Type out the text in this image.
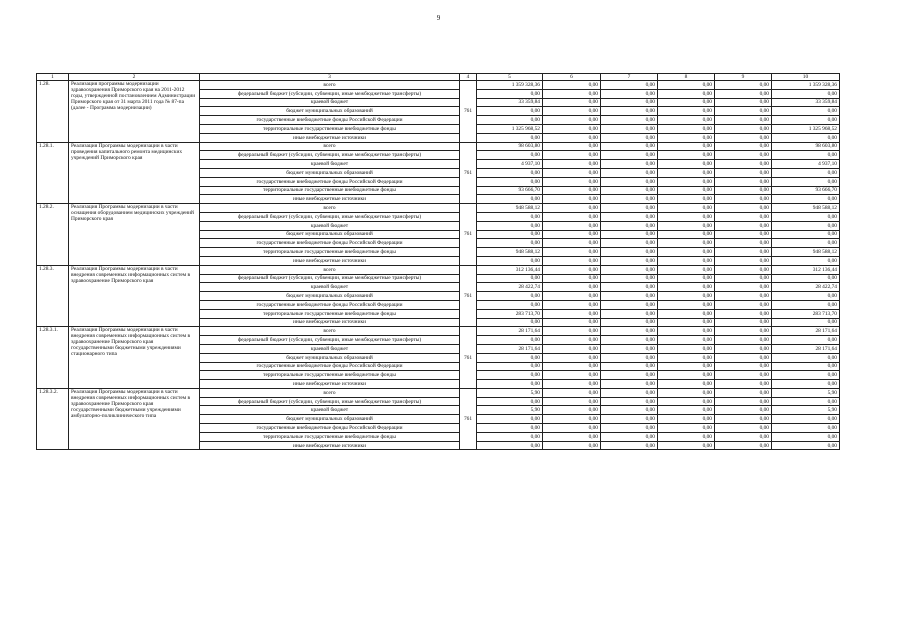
9
1	2	3	4	5	6	7	8	9	10
1.28.	Реализация программы модернизации здравоохранения Приморского края на 2011-2012 годы, утвержденной постановлением Администрации Приморского края от 31 марта 2011 года № 87-па (далее - Программа модернизации)	всего	761	1 359 328,36	0,00	0,00	0,00	0,00	1 359 328,36
		федеральный бюджет (субсидии, субвенции, иные межбюджетные трансферты)		0,00	0,00	0,00	0,00	0,00	0,00
		краевой бюджет		33 359,84	0,00	0,00	0,00	0,00	33 359,84
		бюджет муниципальных образований		0,00	0,00	0,00	0,00	0,00	0,00
		государственные внебюджетные фонды Российской Федерации		0,00	0,00	0,00	0,00	0,00	0,00
		территориальные государственные внебюджетные фонды		1 325 968,52	0,00	0,00	0,00	0,00	1 325 968,52
		иные внебюджетные источники		0,00	0,00	0,00	0,00	0,00	0,00
1.28.1.	Реализация Программы модернизации в части проведения капитального ремонта медицинских учреждений Приморского края	всего	761	98 603,80	0,00	0,00	0,00	0,00	98 603,80
		федеральный бюджет (субсидии, субвенции, иные межбюджетные трансферты)		0,00	0,00	0,00	0,00	0,00	0,00
		краевой бюджет		4 937,10	0,00	0,00	0,00	0,00	4 937,10
		бюджет муниципальных образований		0,00	0,00	0,00	0,00	0,00	0,00
		государственные внебюджетные фонды Российской Федерации		0,00	0,00	0,00	0,00	0,00	0,00
		территориальные государственные внебюджетные фонды		93 666,70	0,00	0,00	0,00	0,00	93 666,70
		иные внебюджетные источники		0,00	0,00	0,00	0,00	0,00	0,00
1.28.2.	Реализация Программы модернизации в части оснащения оборудованием медицинских учреждений Приморского края	всего	761	948 588,12	0,00	0,00	0,00	0,00	948 588,12
		федеральный бюджет (субсидии, субвенции, иные межбюджетные трансферты)		0,00	0,00	0,00	0,00	0,00	0,00
		краевой бюджет		0,00	0,00	0,00	0,00	0,00	0,00
		бюджет муниципальных образований		0,00	0,00	0,00	0,00	0,00	0,00
		государственные внебюджетные фонды Российской Федерации		0,00	0,00	0,00	0,00	0,00	0,00
		территориальные государственные внебюджетные фонды		948 588,12	0,00	0,00	0,00	0,00	948 588,12
		иные внебюджетные источники		0,00	0,00	0,00	0,00	0,00	0,00
1.28.3.	Реализация Программы модернизации в части внедрения современных информационных систем в здравоохранение Приморского края	всего	761	312 136,44	0,00	0,00	0,00	0,00	312 136,44
		федеральный бюджет (субсидии, субвенции, иные межбюджетные трансферты)		0,00	0,00	0,00	0,00	0,00	0,00
		краевой бюджет		28 422,74	0,00	0,00	0,00	0,00	28 422,74
		бюджет муниципальных образований		0,00	0,00	0,00	0,00	0,00	0,00
		государственные внебюджетные фонды Российской Федерации		0,00	0,00	0,00	0,00	0,00	0,00
		территориальные государственные внебюджетные фонды		283 713,70	0,00	0,00	0,00	0,00	283 713,70
		иные внебюджетные источники		0,00	0,00	0,00	0,00	0,00	0,00
1.28.3.1.	Реализация Программы модернизации в части внедрения современных информационных систем в здравоохранение Приморского края государственными бюджетными учреждениями стационарного типа	всего	761	28 171,64	0,00	0,00	0,00	0,00	28 171,64
		федеральный бюджет (субсидии, субвенции, иные межбюджетные трансферты)		0,00	0,00	0,00	0,00	0,00	0,00
		краевой бюджет		28 171,64	0,00	0,00	0,00	0,00	28 171,64
		бюджет муниципальных образований		0,00	0,00	0,00	0,00	0,00	0,00
		государственные внебюджетные фонды Российской Федерации		0,00	0,00	0,00	0,00	0,00	0,00
		территориальные государственные внебюджетные фонды		0,00	0,00	0,00	0,00	0,00	0,00
		иные внебюджетные источники		0,00	0,00	0,00	0,00	0,00	0,00
1.28.3.2.	Реализация Программы модернизации в части внедрения современных информационных систем в здравоохранение Приморского края государственными бюджетными учреждениями амбулаторно-поликлинического типа	всего	761	5,90	0,00	0,00	0,00	0,00	5,90
		федеральный бюджет (субсидии, субвенции, иные межбюджетные трансферты)		0,00	0,00	0,00	0,00	0,00	0,00
		краевой бюджет		5,90	0,00	0,00	0,00	0,00	5,90
		бюджет муниципальных образований		0,00	0,00	0,00	0,00	0,00	0,00
		государственные внебюджетные фонды Российской Федерации		0,00	0,00	0,00	0,00	0,00	0,00
		территориальные государственные внебюджетные фонды		0,00	0,00	0,00	0,00	0,00	0,00
		иные внебюджетные источники		0,00	0,00	0,00	0,00	0,00	0,00
